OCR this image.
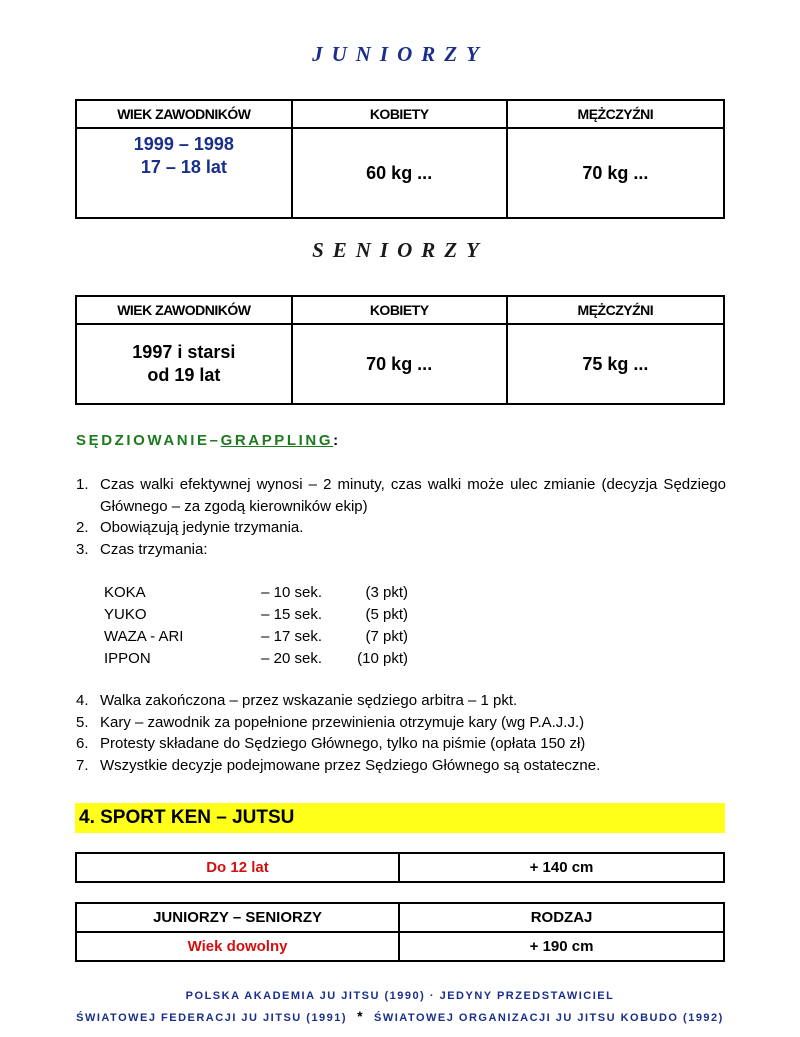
JUNIORZY
WIEK ZAWODNIKÓW	KOBIETY	MĘŻCZYŹNI

1999 – 1998
17 – 18 lat	60 kg ...	70 kg ...
SENIORZY
WIEK ZAWODNIKÓW	KOBIETY	MĘŻCZYŹNI

1997 i starsi
od 19 lat	70 kg ...	75 kg ...
SĘDZIOWANIE–GRAPPLING:
1. Czas walki efektywnej wynosi – 2 minuty, czas walki może ulec zmianie (decyzja Sędziego Głównego – za zgodą kierowników ekip)
2. Obowiązują jedynie trzymania.
3. Czas trzymania:
KOKA	– 10 sek.	(3 pkt)
YUKO	– 15 sek.	(5 pkt)
WAZA - ARI	– 17 sek.	(7 pkt)
IPPON	– 20 sek.	(10 pkt)
4. Walka zakończona – przez wskazanie sędziego arbitra – 1 pkt.
5. Kary – zawodnik za popełnione przewinienia otrzymuje kary (wg P.A.J.J.)
6. Protesty składane do Sędziego Głównego, tylko na piśmie (opłata 150 zł)
7. Wszystkie decyzje podejmowane przez Sędziego Głównego są ostateczne.
4. SPORT KEN – JUTSU
Do 12 lat	+ 140 cm
JUNIORZY – SENIORZY	RODZAJ
Wiek dowolny	+ 190 cm
POLSKA AKADEMIA JU JITSU (1990) · JEDYNY PRZEDSTAWICIEL
ŚWIATOWEJ FEDERACJI JU JITSU (1991) * ŚWIATOWEJ ORGANIZACJI JU JITSU KOBUDO (1992)
